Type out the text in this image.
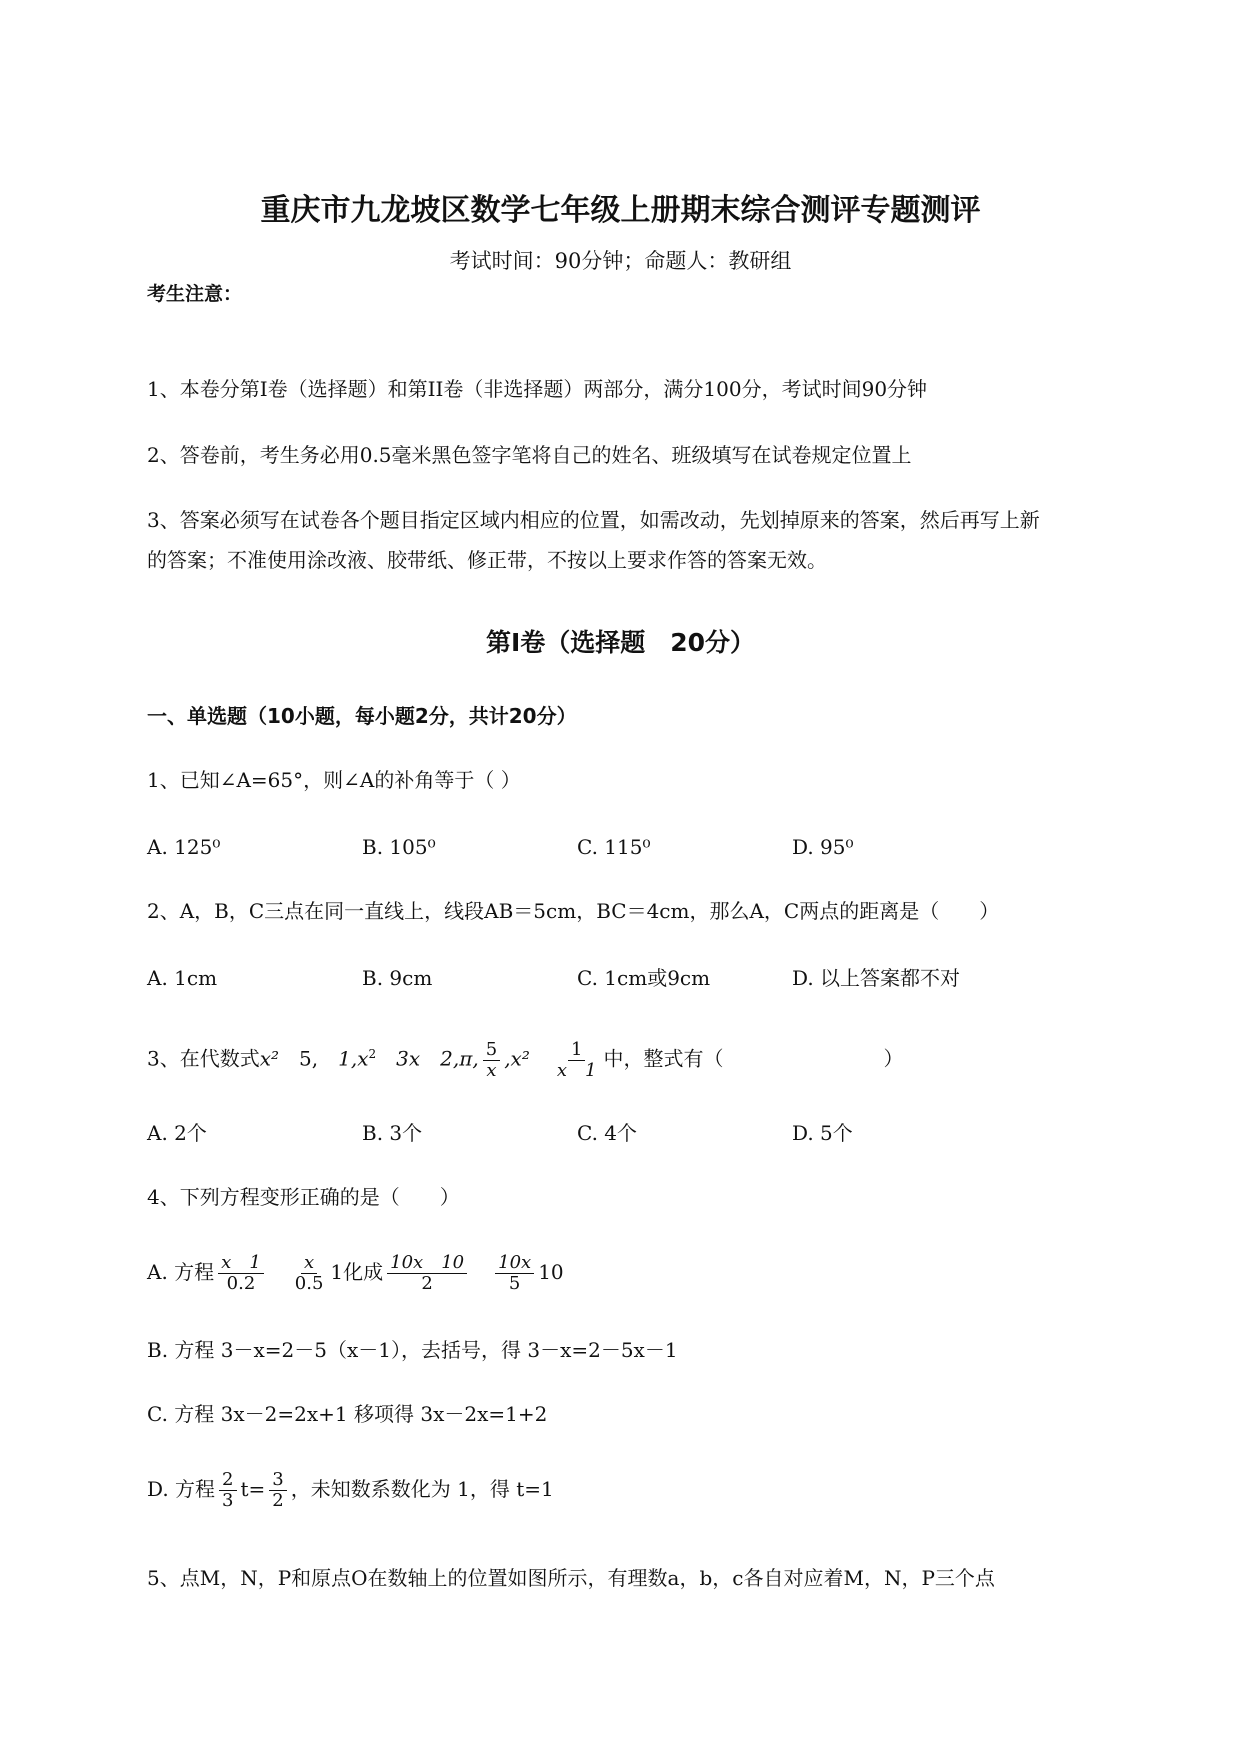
重庆市九龙坡区数学七年级上册期末综合测评专题测评
考试时间：90分钟；命题人：教研组
考生注意：
1、本卷分第I卷（选择题）和第II卷（非选择题）两部分，满分100分，考试时间90分钟
2、答卷前，考生务必用0.5毫米黑色签字笔将自己的姓名、班级填写在试卷规定位置上
3、答案必须写在试卷各个题目指定区域内相应的位置，如需改动，先划掉原来的答案，然后再写上新
的答案；不准使用涂改液、胶带纸、修正带，不按以上要求作答的答案无效。
第I卷（选择题　20分）
一、单选题（10小题，每小题2分，共计20分）
1、已知∠A=65°，则∠A的补角等于（ ）
A. 125⁰	B. 105⁰	C. 115⁰	D. 95⁰
2、A，B，C三点在同一直线上，线段AB＝5cm，BC＝4cm，那么A，C两点的距离是（　　）
A. 1cm	B. 9cm	C. 1cm或9cm	D. 以上答案都不对
3、在代数式x²　 5,　$1,x^2$　 3x　 2,π, $\frac{5}{x} ,x^2$　 $\frac{1}{x 1}$ 中，整式有（　　　　　　　　）
A. 2个	B. 3个	C. 4个	D. 5个
4、下列方程变形正确的是（　　）
A. 方程 $\frac{x 1}{0.2}$
　 $\frac{x}{0.5} 1$化成 $\frac{10x 10}{2}$
　 $\frac{10x}{5} 10$
B. 方程 3－x=2－5（x－1），去括号，得 3－x=2－5x－1
C. 方程 3x－2=2x+1 移项得 3x－2x=1+2
D. 方程 $\frac{2}{3} t= \frac{3}{2}$ ，未知数系数化为 1，得 t=1
5、点M，N，P和原点O在数轴上的位置如图所示，有理数a，b，c各自对应着M，N，P三个点
